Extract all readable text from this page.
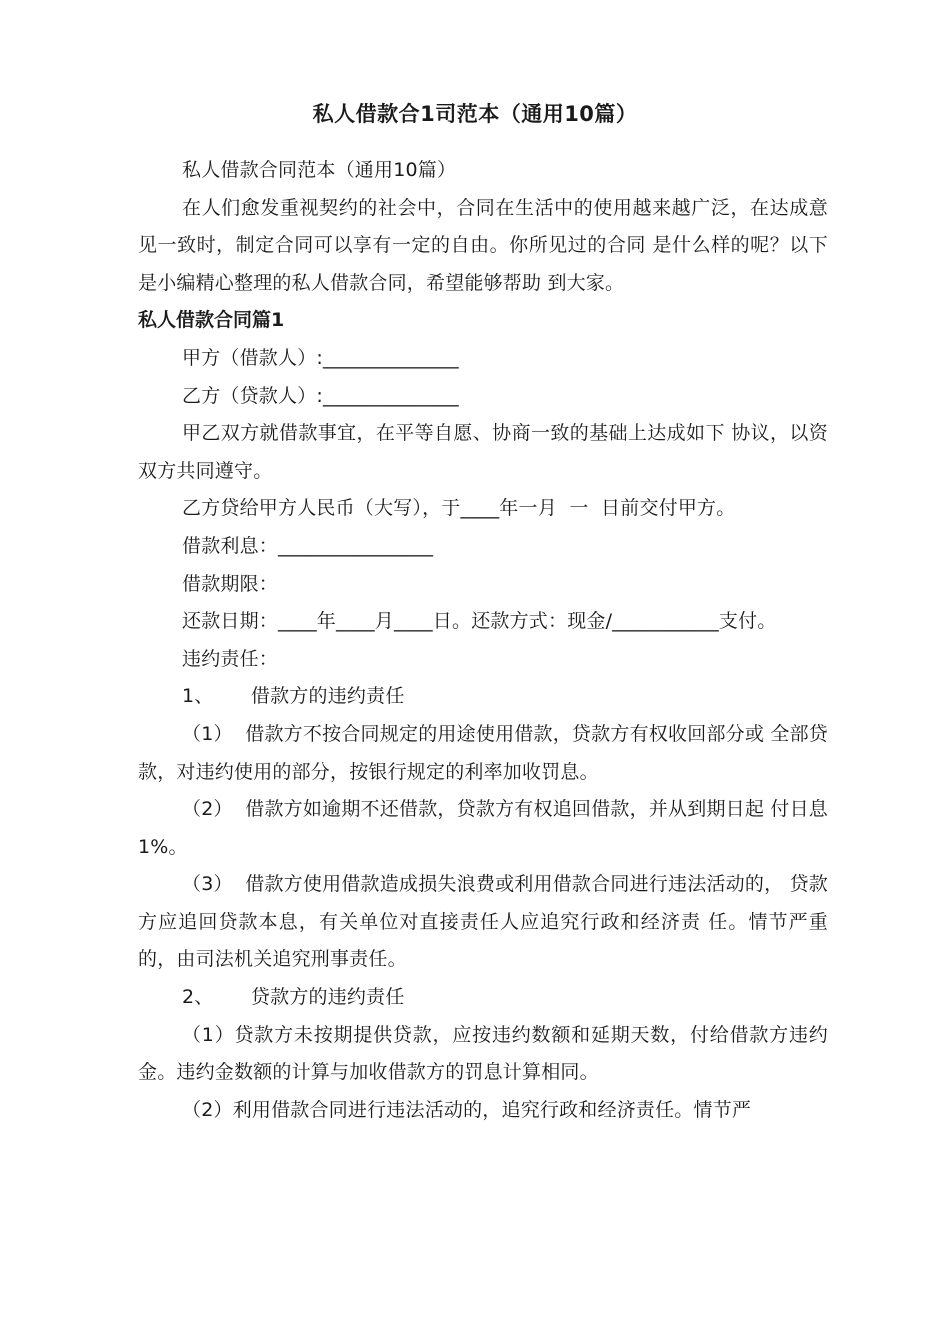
私人借款合1司范本（通用10篇）

私人借款合同范本（通用10篇）

在人们愈发重视契约的社会中，合同在生活中的使用越来越广泛，在达成意见一致时，制定合同可以享有一定的自由。你所见过的合同 是什么样的呢？以下是小编精心整理的私人借款合同，希望能够帮助 到大家。

私人借款合同篇1

甲方（借款人）:______________

乙方（贷款人）:______________

甲乙双方就借款事宜，在平等自愿、协商一致的基础上达成如下 协议，以资双方共同遵守。

乙方贷给甲方人民币（大写），于____年一月  一  日前交付甲方。

借款利息：________________

借款期限：

还款日期：____年____月____日。还款方式：现金/___________支付。

违约责任：

1、      借款方的违约责任

（1）  借款方不按合同规定的用途使用借款，贷款方有权收回部分或 全部贷款，对违约使用的部分，按银行规定的利率加收罚息。

（2）  借款方如逾期不还借款，贷款方有权追回借款，并从到期日起 付日息1%。

（3）  借款方使用借款造成损失浪费或利用借款合同进行违法活动的， 贷款方应追回贷款本息，有关单位对直接责任人应追究行政和经济责 任。情节严重的，由司法机关追究刑事责任。

2、      贷款方的违约责任

（1）贷款方未按期提供贷款，应按违约数额和延期天数，付给借款方违约金。违约金数额的计算与加收借款方的罚息计算相同。

（2）利用借款合同进行违法活动的，追究行政和经济责任。情节严
